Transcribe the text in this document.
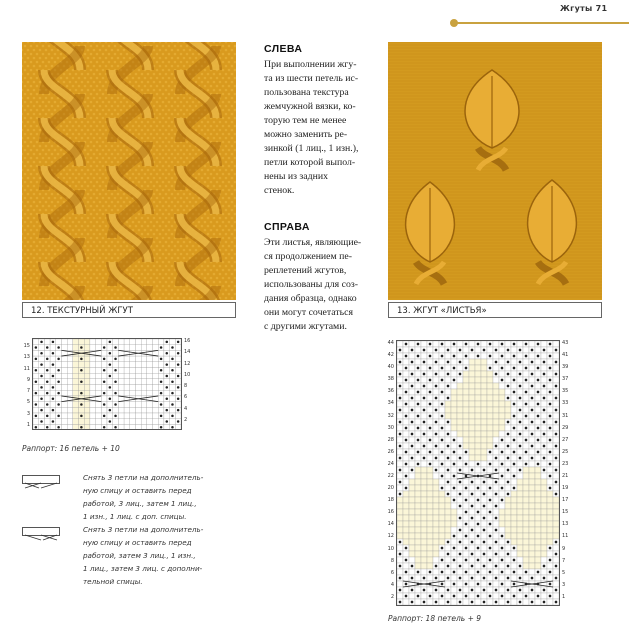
Жгуты 71
12. ТЕКСТУРНЫЙ ЖГУТ
СЛЕВА

При выполнении жгу-
та из шести петель ис-
пользована текстура
жемчужной вязки, ко-
торую тем не менее
можно заменить ре-
зинкой (1 лиц., 1 изн.),
петли которой выпол-
нены из задних
стенок.

СПРАВА

Эти листья, являющие-
ся продолжением пе-
реплетений жгутов,
использованы для соз-
дания образца, однако
они могут сочетаться
с другими жгутами.

13. ЖГУТ «ЛИСТЬЯ»
16
14
12
10
8
6
4
2
15
13
11
9
7
5
3
1
Раппорт: 16 петель + 10

Снять 3 петли на дополнитель-
ную спицу и оставить перед
работой, 3 лиц., затем 1 лиц.,
1 изн., 1 лиц. с доп. спицы.

Снять 3 петли на дополнитель-
ную спицу и оставить перед
работой, затем 3 лиц., 1 изн.,
1 лиц., затем 3 лиц. с дополни-
тельной спицы.

43
41
39
37
35
33
31
29
27
25
23
21
19
17
15
13
11
9
7
5
3
1
44
42
40
38
36
34
32
30
28
26
24
22
20
18
16
14
12
10
8
6
4
2
Раппорт: 18 петель + 9
